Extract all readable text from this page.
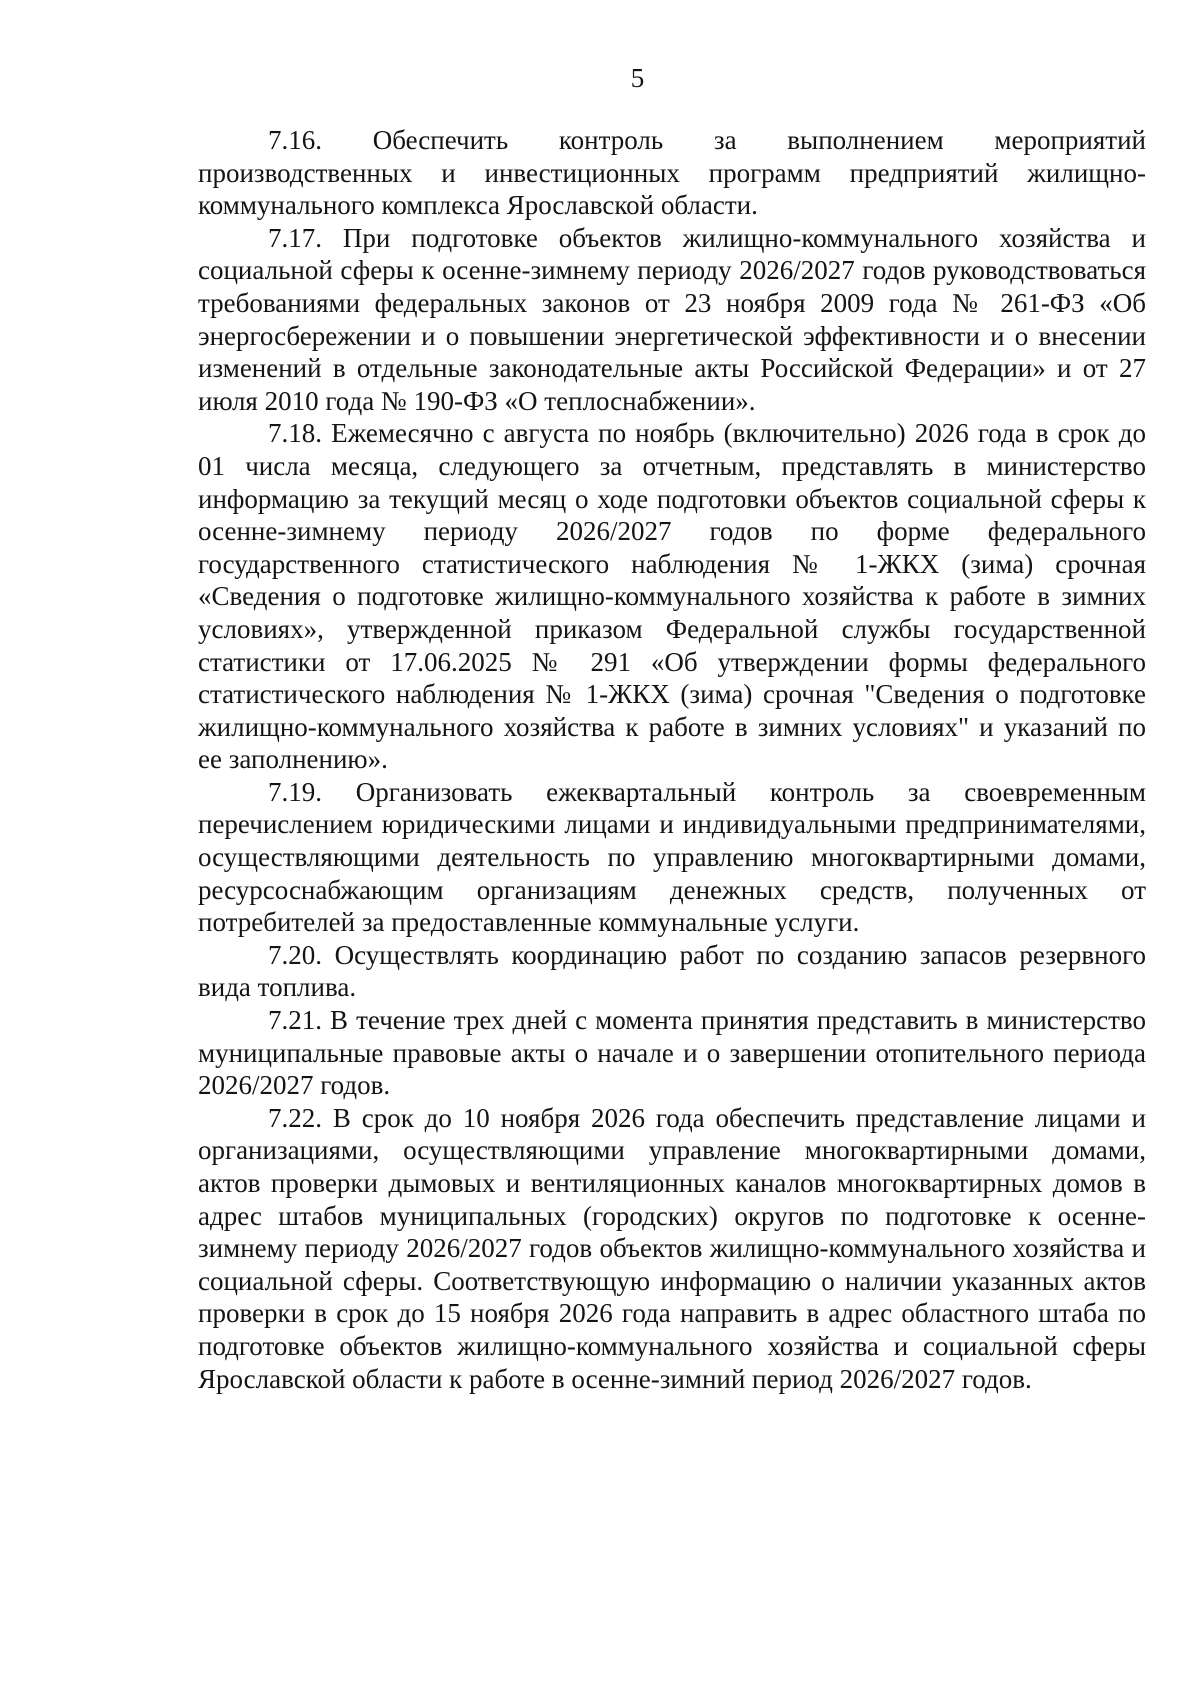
5

7.16. Обеспечить контроль за выполнением мероприятий производственных и инвестиционных программ предприятий жилищно-коммунального комплекса Ярославской области.

7.17. При подготовке объектов жилищно-коммунального хозяйства и социальной сферы к осенне-зимнему периоду 2026/2027 годов руководствоваться требованиями федеральных законов от 23 ноября 2009 года № 261-ФЗ «Об энергосбережении и о повышении энергетической эффективности и о внесении изменений в отдельные законодательные акты Российской Федерации» и от 27 июля 2010 года № 190-ФЗ «О теплоснабжении».

7.18. Ежемесячно с августа по ноябрь (включительно) 2026 года в срок до 01 числа месяца, следующего за отчетным, представлять в министерство информацию за текущий месяц о ходе подготовки объектов социальной сферы к осенне-зимнему периоду 2026/2027 годов по форме федерального государственного статистического наблюдения № 1-ЖКХ (зима) срочная «Сведения о подготовке жилищно-коммунального хозяйства к работе в зимних условиях», утвержденной приказом Федеральной службы государственной статистики от 17.06.2025 № 291 «Об утверждении формы федерального статистического наблюдения № 1-ЖКХ (зима) срочная "Сведения о подготовке жилищно-коммунального хозяйства к работе в зимних условиях" и указаний по ее заполнению».

7.19. Организовать ежеквартальный контроль за своевременным перечислением юридическими лицами и индивидуальными предпринимателями, осуществляющими деятельность по управлению многоквартирными домами, ресурсоснабжающим организациям денежных средств, полученных от потребителей за предоставленные коммунальные услуги.

7.20. Осуществлять координацию работ по созданию запасов резервного вида топлива.

7.21. В течение трех дней с момента принятия представить в министерство муниципальные правовые акты о начале и о завершении отопительного периода 2026/2027 годов.

7.22. В срок до 10 ноября 2026 года обеспечить представление лицами и организациями, осуществляющими управление многоквартирными домами, актов проверки дымовых и вентиляционных каналов многоквартирных домов в адрес штабов муниципальных (городских) округов по подготовке к осенне-зимнему периоду 2026/2027 годов объектов жилищно-коммунального хозяйства и социальной сферы. Соответствующую информацию о наличии указанных актов проверки в срок до 15 ноября 2026 года направить в адрес областного штаба по подготовке объектов жилищно-коммунального хозяйства и социальной сферы Ярославской области к работе в осенне-зимний период 2026/2027 годов.
